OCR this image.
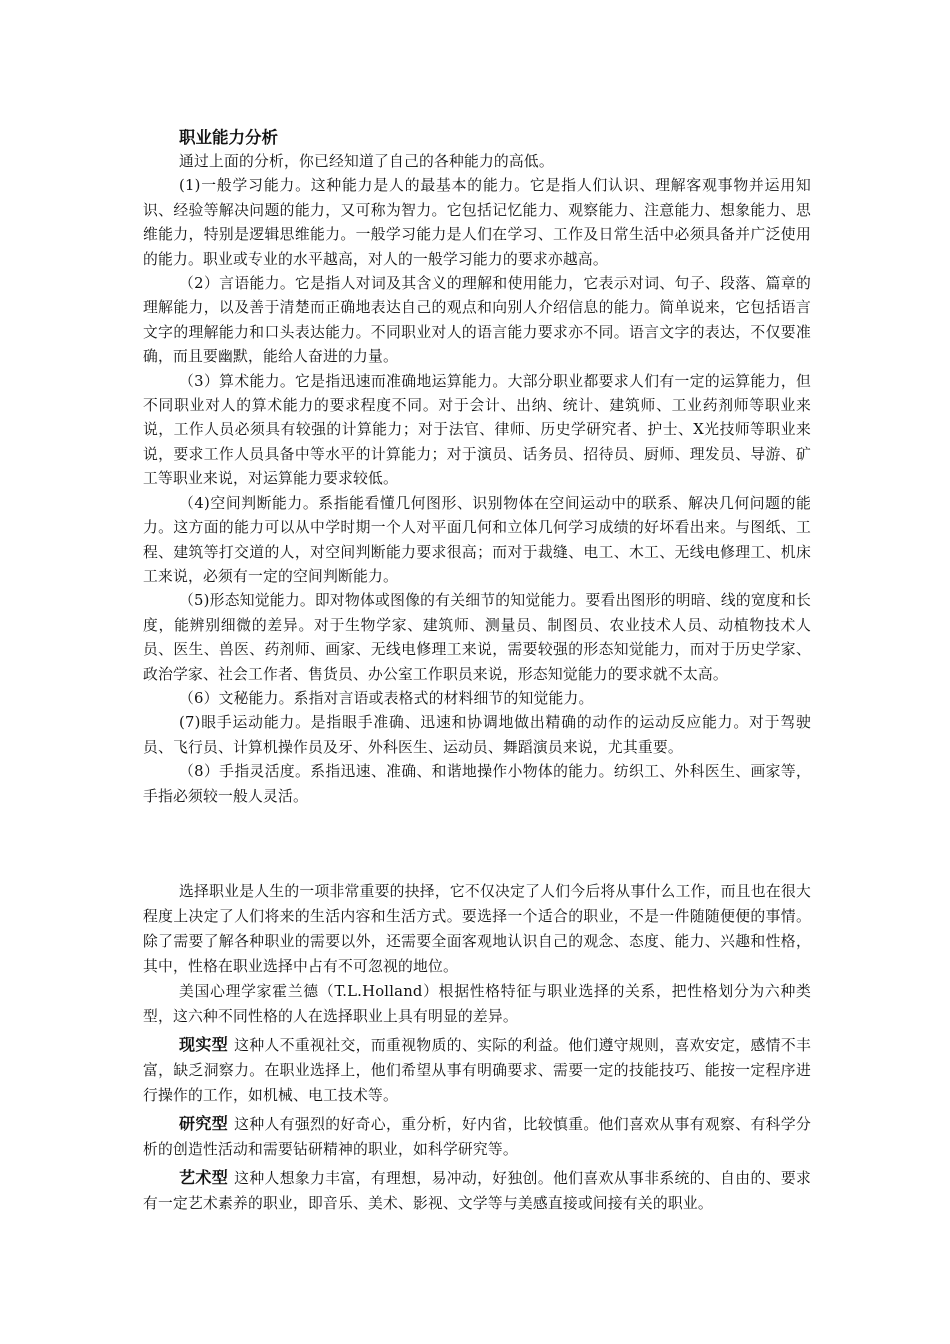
职业能力分析

通过上面的分析，你已经知道了自己的各种能力的高低。

(1)一般学习能力。这种能力是人的最基本的能力。它是指人们认识、理解客观事物并运用知识、经验等解决问题的能力，又可称为智力。它包括记忆能力、观察能力、注意能力、想象能力、思维能力，特别是逻辑思维能力。一般学习能力是人们在学习、工作及日常生活中必须具备并广泛使用的能力。职业或专业的水平越高，对人的一般学习能力的要求亦越高。

（2）言语能力。它是指人对词及其含义的理解和使用能力，它表示对词、句子、段落、篇章的理解能力，以及善于清楚而正确地表达自己的观点和向别人介绍信息的能力。简单说来，它包括语言文字的理解能力和口头表达能力。不同职业对人的语言能力要求亦不同。语言文字的表达，不仅要准确，而且要幽默，能给人奋进的力量。

（3）算术能力。它是指迅速而准确地运算能力。大部分职业都要求人们有一定的运算能力，但不同职业对人的算术能力的要求程度不同。对于会计、出纳、统计、建筑师、工业药剂师等职业来说，工作人员必须具有较强的计算能力；对于法官、律师、历史学研究者、护士、X光技师等职业来说，要求工作人员具备中等水平的计算能力；对于演员、话务员、招待员、厨师、理发员、导游、矿工等职业来说，对运算能力要求较低。

（4)空间判断能力。系指能看懂几何图形、识别物体在空间运动中的联系、解决几何问题的能力。这方面的能力可以从中学时期一个人对平面几何和立体几何学习成绩的好坏看出来。与图纸、工程、建筑等打交道的人，对空间判断能力要求很高；而对于裁缝、电工、木工、无线电修理工、机床工来说，必须有一定的空间判断能力。

（5)形态知觉能力。即对物体或图像的有关细节的知觉能力。要看出图形的明暗、线的宽度和长度，能辨别细微的差异。对于生物学家、建筑师、测量员、制图员、农业技术人员、动植物技术人员、医生、兽医、药剂师、画家、无线电修理工来说，需要较强的形态知觉能力，而对于历史学家、政治学家、社会工作者、售货员、办公室工作职员来说，形态知觉能力的要求就不太高。

（6）文秘能力。系指对言语或表格式的材料细节的知觉能力。

(7)眼手运动能力。是指眼手准确、迅速和协调地做出精确的动作的运动反应能力。对于驾驶员、飞行员、计算机操作员及牙、外科医生、运动员、舞蹈演员来说，尤其重要。

（8）手指灵活度。系指迅速、准确、和谐地操作小物体的能力。纺织工、外科医生、画家等，手指必须较一般人灵活。

选择职业是人生的一项非常重要的抉择，它不仅决定了人们今后将从事什么工作，而且也在很大程度上决定了人们将来的生活内容和生活方式。要选择一个适合的职业，不是一件随随便便的事情。除了需要了解各种职业的需要以外，还需要全面客观地认识自己的观念、态度、能力、兴趣和性格，其中，性格在职业选择中占有不可忽视的地位。

美国心理学家霍兰德（T.L.Holland）根据性格特征与职业选择的关系，把性格划分为六种类型，这六种不同性格的人在选择职业上具有明显的差异。

现实型 这种人不重视社交，而重视物质的、实际的利益。他们遵守规则，喜欢安定，感情不丰富，缺乏洞察力。在职业选择上，他们希望从事有明确要求、需要一定的技能技巧、能按一定程序进行操作的工作，如机械、电工技术等。

研究型 这种人有强烈的好奇心，重分析，好内省，比较慎重。他们喜欢从事有观察、有科学分析的创造性活动和需要钻研精神的职业，如科学研究等。

艺术型 这种人想象力丰富，有理想，易冲动，好独创。他们喜欢从事非系统的、自由的、要求有一定艺术素养的职业，即音乐、美术、影视、文学等与美感直接或间接有关的职业。
